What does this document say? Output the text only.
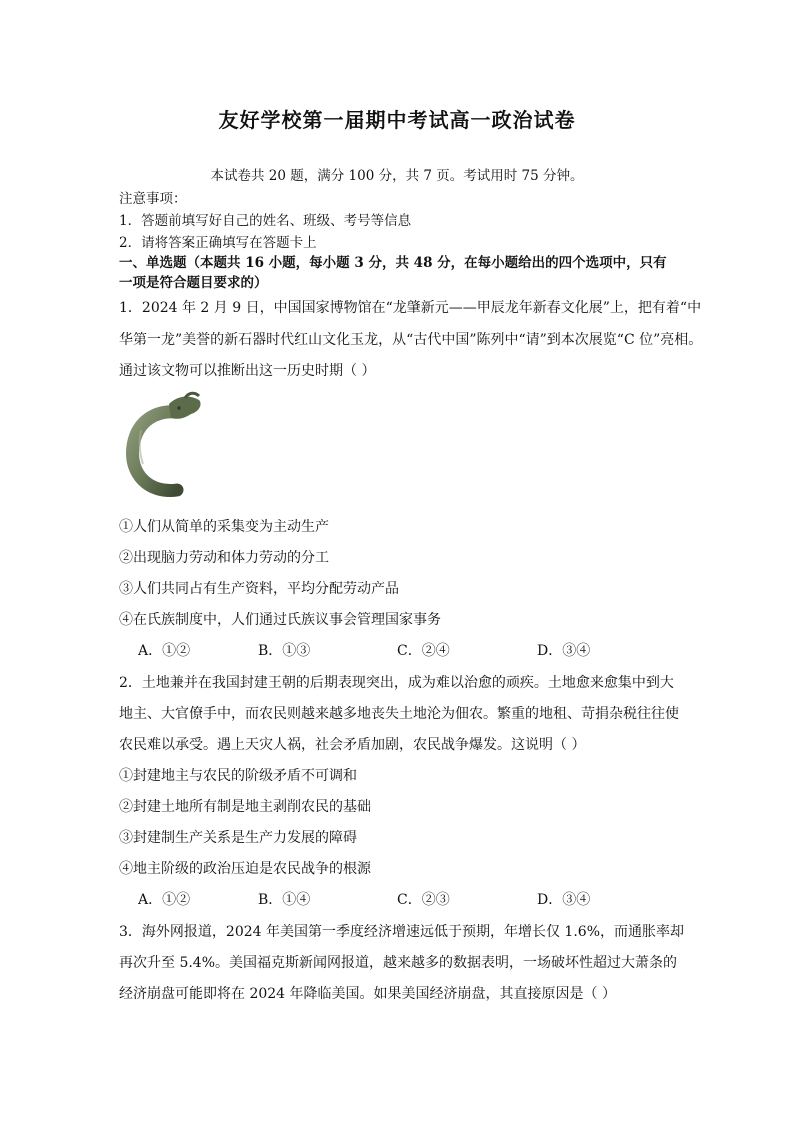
友好学校第一届期中考试高一政治试卷
本试卷共 20 题，满分 100 分，共 7 页。考试用时 75 分钟。
注意事项：
1．答题前填写好自己的姓名、班级、考号等信息
2．请将答案正确填写在答题卡上
一、单选题（本题共 16 小题，每小题 3 分，共 48 分，在每小题给出的四个选项中，只有
一项是符合题目要求的）
1．2024 年 2 月 9 日，中国国家博物馆在“龙肇新元——甲辰龙年新春文化展”上，把有着“中
华第一龙”美誉的新石器时代红山文化玉龙，从“古代中国”陈列中“请”到本次展览“C 位”亮相。
通过该文物可以推断出这一历史时期（ ）
①人们从简单的采集变为主动生产
②出现脑力劳动和体力劳动的分工
③人们共同占有生产资料，平均分配劳动产品
④在氏族制度中，人们通过氏族议事会管理国家事务
A．①②	B．①③	C．②④	D．③④
2．土地兼并在我国封建王朝的后期表现突出，成为难以治愈的顽疾。土地愈来愈集中到大
地主、大官僚手中，而农民则越来越多地丧失土地沦为佃农。繁重的地租、苛捐杂税往往使
农民难以承受。遇上天灾人祸，社会矛盾加剧，农民战争爆发。这说明（ ）
①封建地主与农民的阶级矛盾不可调和
②封建土地所有制是地主剥削农民的基础
③封建制生产关系是生产力发展的障碍
④地主阶级的政治压迫是农民战争的根源
A．①②	B．①④	C．②③	D．③④
3．海外网报道，2024 年美国第一季度经济增速远低于预期，年增长仅 1.6%，而通胀率却
再次升至 5.4%。美国福克斯新闻网报道，越来越多的数据表明，一场破坏性超过大萧条的
经济崩盘可能即将在 2024 年降临美国。如果美国经济崩盘，其直接原因是（ ）
